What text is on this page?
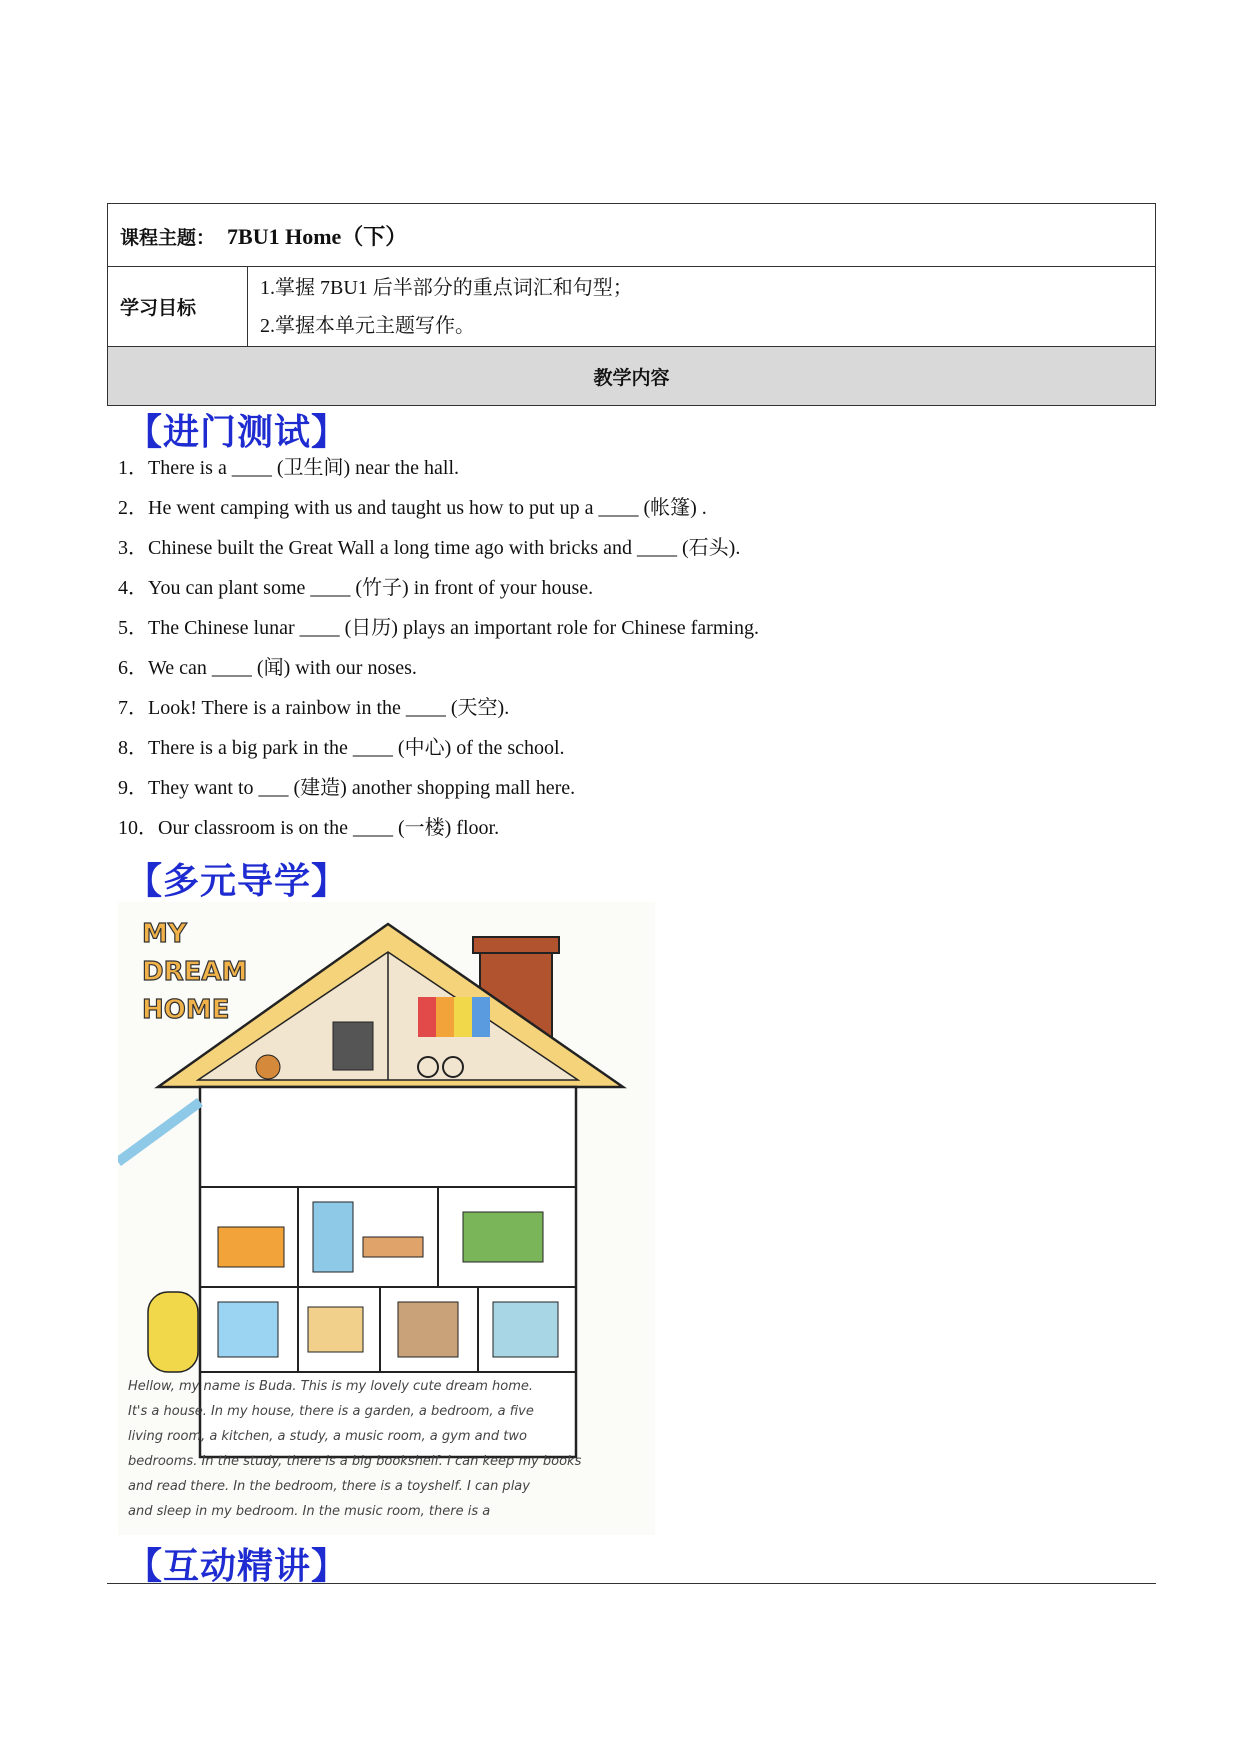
课程主题： 7BU1 Home（下）
学习目标	
1.掌握 7BU1 后半部分的重点词汇和句型；
2.掌握本单元主题写作。

教学内容
【进门测试】
1．There is a ____ (卫生间) near the hall.
2．He went camping with us and taught us how to put up a ____ (帐篷) .
3．Chinese built the Great Wall a long time ago with bricks and ____ (石头).
4．You can plant some ____ (竹子) in front of your house.
5．The Chinese lunar ____ (日历) plays an important role for Chinese farming.
6．We can ____ (闻) with our noses.
7．Look! There is a rainbow in the ____ (天空).
8．There is a big park in the ____ (中心) of the school.
9．They want to ___ (建造) another shopping mall here.
10．Our classroom is on the ____ (一楼) floor.
【多元导学】
MY
DREAM
HOME
Hellow, my name is Buda. This is my lovely cute dream home.
It's a house. In my house, there is a garden, a bedroom, a five
living room, a kitchen, a study, a music room, a gym and two
bedrooms. In the study, there is a big bookshelf. I can keep my books
and read there. In the bedroom, there is a toyshelf. I can play
and sleep in my bedroom. In the music room, there is a
【互动精讲】
